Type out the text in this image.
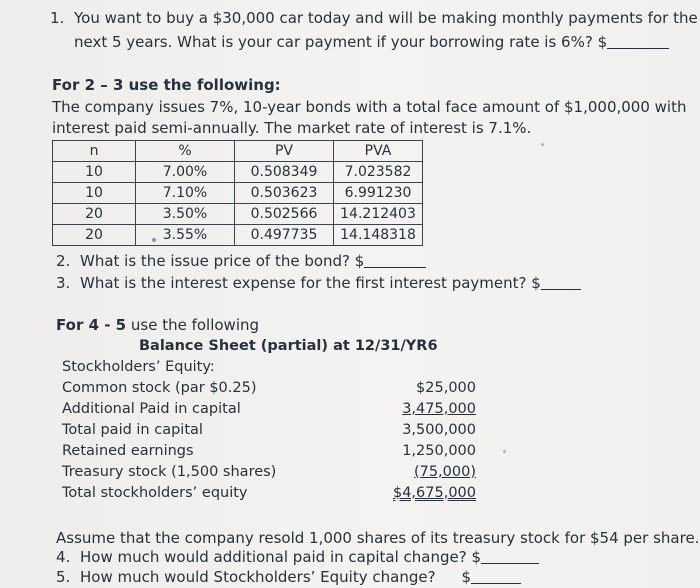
1. You want to buy a $30,000 car today and will be making monthly payments for the
next 5 years. What is your car payment if your borrowing rate is 6%? $
For 2 – 3 use the following:
The company issues 7%, 10-year bonds with a total face amount of $1,000,000 with
interest paid semi-annually. The market rate of interest is 7.1%.
n	%	PV	PVA
10	7.00%	0.508349	7.023582
10	7.10%	0.503623	6.991230
20	3.50%	0.502566	14.212403
20	3.55%	0.497735	14.148318
2. What is the issue price of the bond? $
3. What is the interest expense for the first interest payment? $
For 4 - 5 use the following
Balance Sheet (partial) at 12/31/YR6
Stockholders’ Equity:
Common stock (par $0.25)	$25,000
Additional Paid in capital	3,475,000
Total paid in capital	3,500,000
Retained earnings	1,250,000
Treasury stock (1,500 shares)	(75,000)
Total stockholders’ equity	$4,675,000
Assume that the company resold 1,000 shares of its treasury stock for $54 per share.
4. How much would additional paid in capital change? $
5. How much would Stockholders’ Equity change? $
